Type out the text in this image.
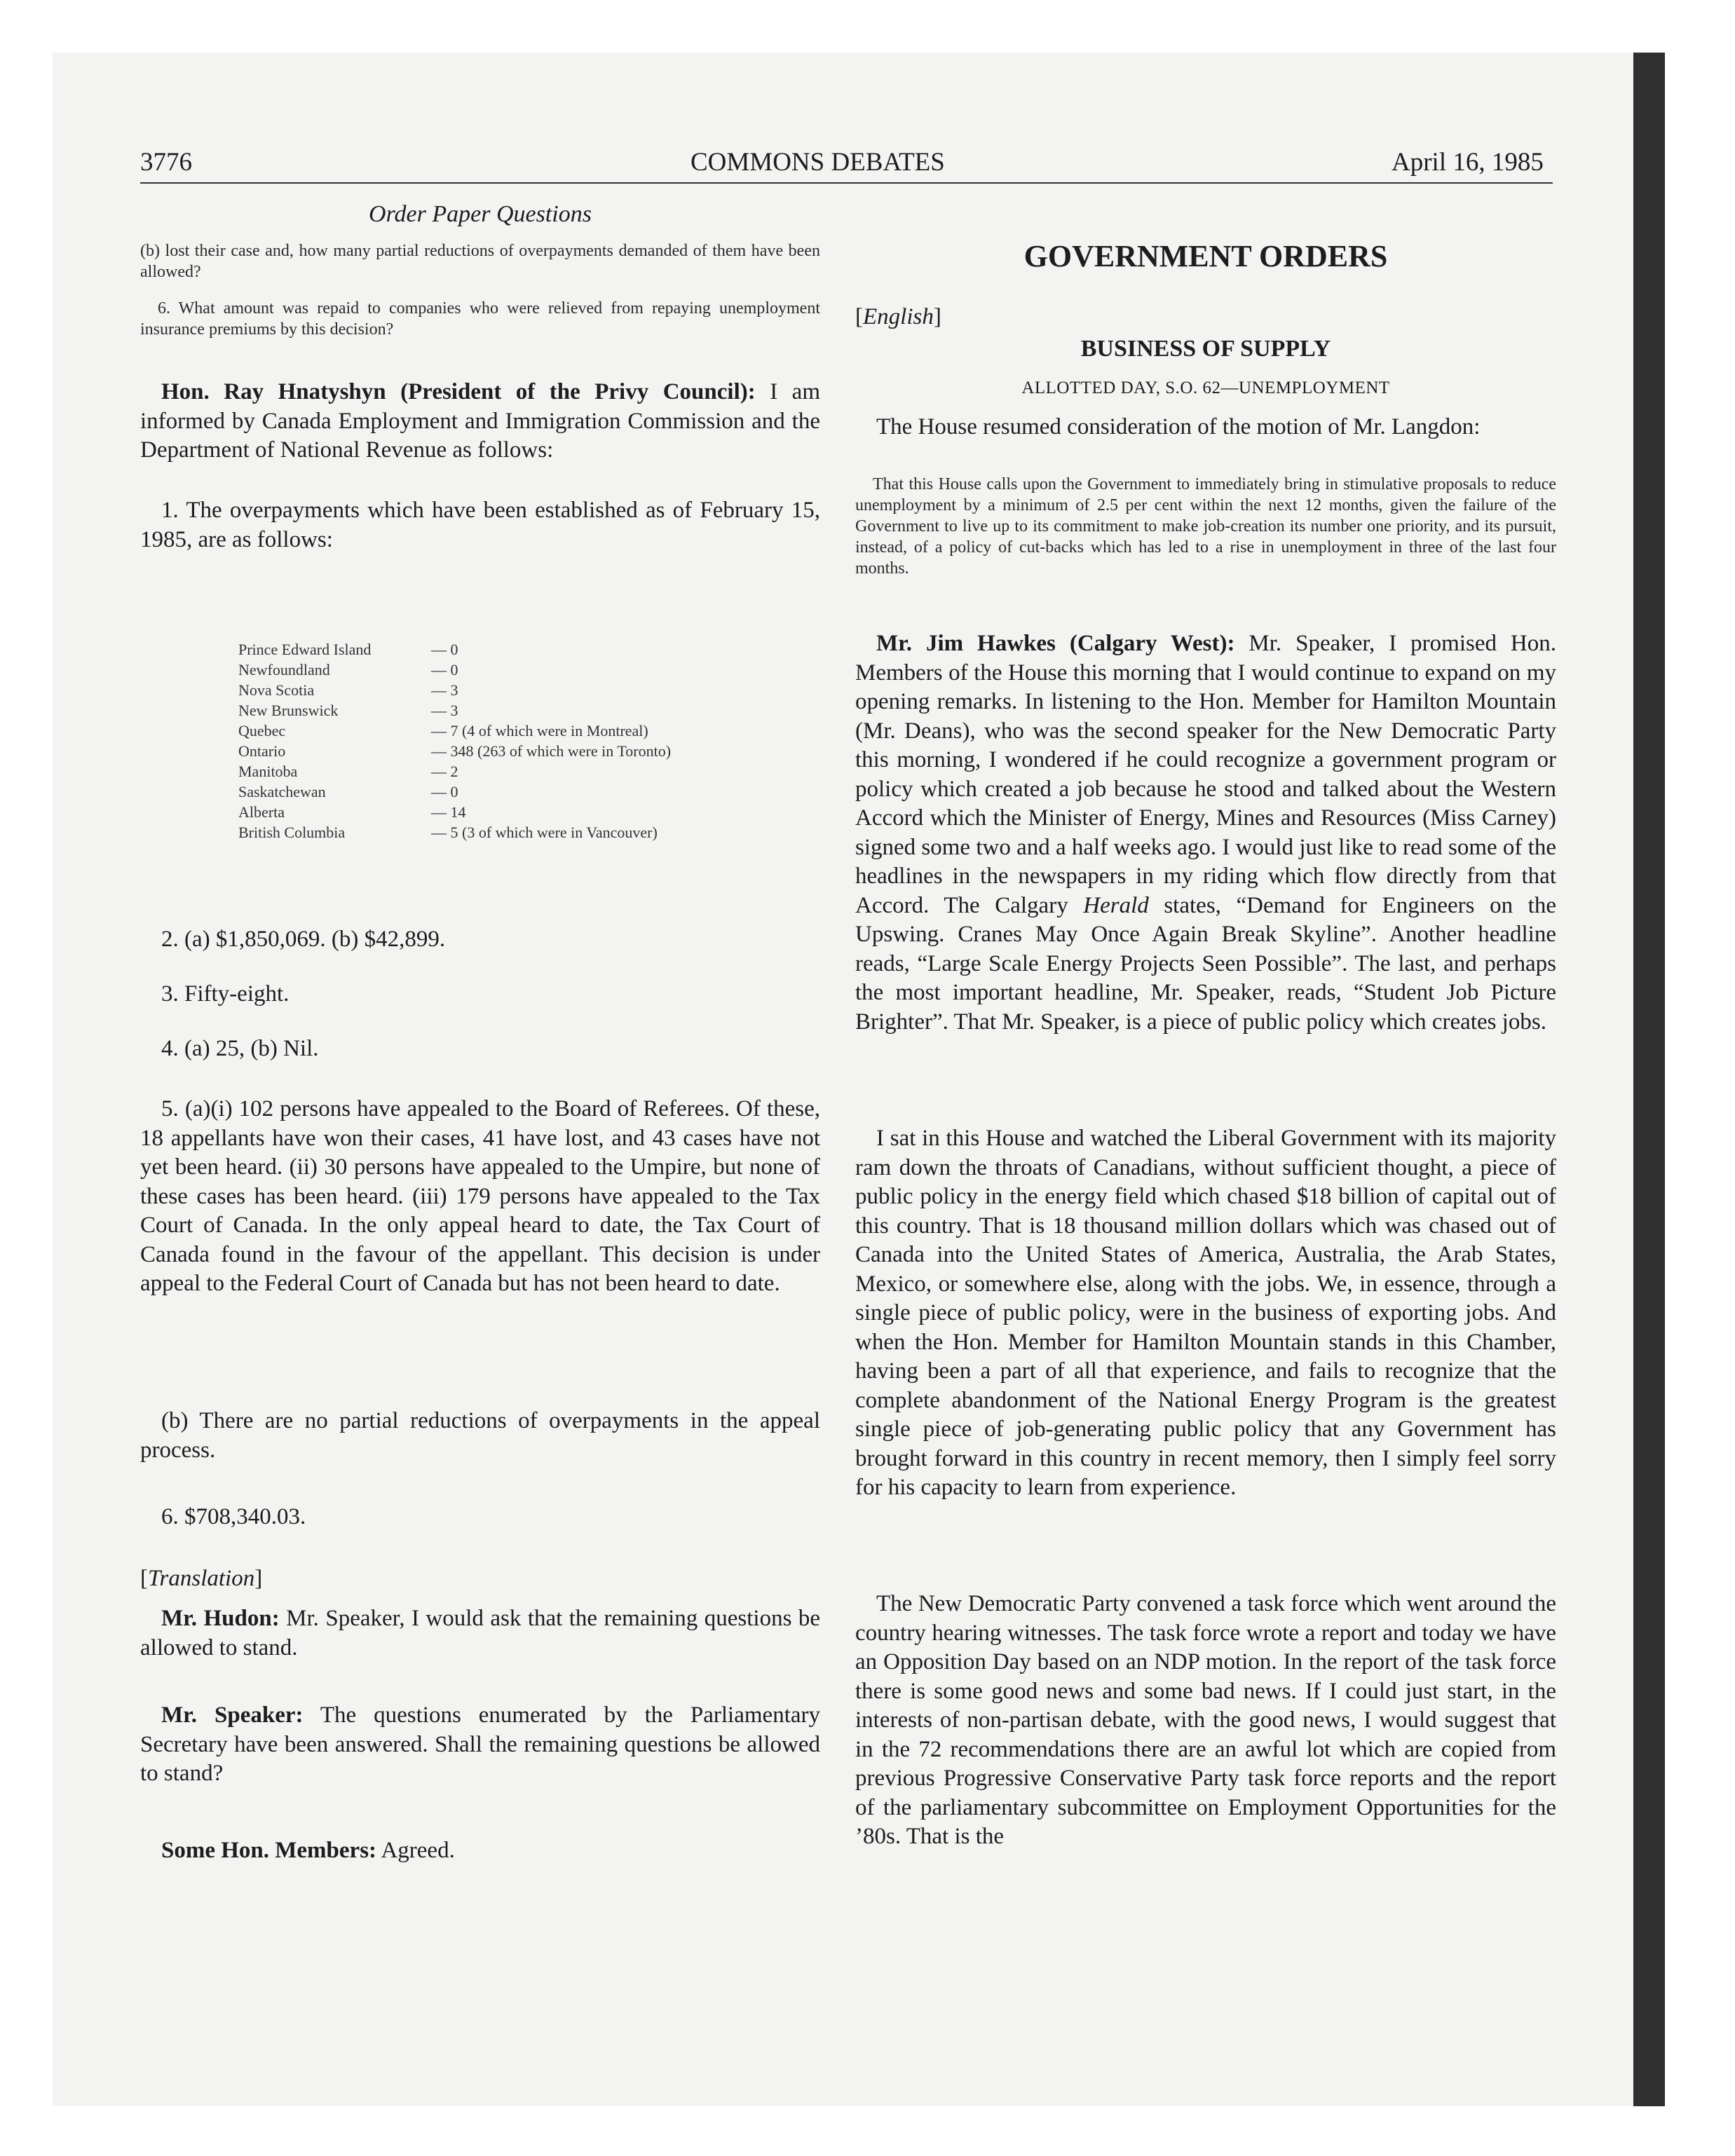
3776	COMMONS DEBATES	April 16, 1985
Order Paper Questions

(b) lost their case and, how many partial reductions of overpayments demanded of them have been allowed?

6. What amount was repaid to companies who were relieved from repaying unemployment insurance premiums by this decision?

Hon. Ray Hnatyshyn (President of the Privy Council): I am informed by Canada Employment and Immigration Commission and the Department of National Revenue as follows:

1. The overpayments which have been established as of February 15, 1985, are as follows:

Prince Edward Island	— 0
Newfoundland	— 0
Nova Scotia	— 3
New Brunswick	— 3
Quebec	— 7 (4 of which were in Montreal)
Ontario	— 348 (263 of which were in Toronto)
Manitoba	— 2
Saskatchewan	— 0
Alberta	— 14
British Columbia	— 5 (3 of which were in Vancouver)

2. (a) $1,850,069. (b) $42,899.

3. Fifty-eight.

4. (a) 25, (b) Nil.

5. (a)(i) 102 persons have appealed to the Board of Referees. Of these, 18 appellants have won their cases, 41 have lost, and 43 cases have not yet been heard. (ii) 30 persons have appealed to the Umpire, but none of these cases has been heard. (iii) 179 persons have appealed to the Tax Court of Canada. In the only appeal heard to date, the Tax Court of Canada found in the favour of the appellant. This decision is under appeal to the Federal Court of Canada but has not been heard to date.

(b) There are no partial reductions of overpayments in the appeal process.

6. $708,340.03.

[Translation]

Mr. Hudon: Mr. Speaker, I would ask that the remaining questions be allowed to stand.

Mr. Speaker: The questions enumerated by the Parliamentary Secretary have been answered. Shall the remaining questions be allowed to stand?

Some Hon. Members: Agreed.

GOVERNMENT ORDERS

[English]

BUSINESS OF SUPPLY
ALLOTTED DAY, S.O. 62—UNEMPLOYMENT

The House resumed consideration of the motion of Mr. Langdon:

That this House calls upon the Government to immediately bring in stimulative proposals to reduce unemployment by a minimum of 2.5 per cent within the next 12 months, given the failure of the Government to live up to its commitment to make job-creation its number one priority, and its pursuit, instead, of a policy of cut-backs which has led to a rise in unemployment in three of the last four months.

Mr. Jim Hawkes (Calgary West): Mr. Speaker, I promised Hon. Members of the House this morning that I would continue to expand on my opening remarks. In listening to the Hon. Member for Hamilton Mountain (Mr. Deans), who was the second speaker for the New Democratic Party this morning, I wondered if he could recognize a government program or policy which created a job because he stood and talked about the Western Accord which the Minister of Energy, Mines and Resources (Miss Carney) signed some two and a half weeks ago. I would just like to read some of the headlines in the newspapers in my riding which flow directly from that Accord. The Calgary Herald states, “Demand for Engineers on the Upswing. Cranes May Once Again Break Skyline”. Another headline reads, “Large Scale Energy Projects Seen Possible”. The last, and perhaps the most important headline, Mr. Speaker, reads, “Student Job Picture Brighter”. That Mr. Speaker, is a piece of public policy which creates jobs.

I sat in this House and watched the Liberal Government with its majority ram down the throats of Canadians, without sufficient thought, a piece of public policy in the energy field which chased $18 billion of capital out of this country. That is 18 thousand million dollars which was chased out of Canada into the United States of America, Australia, the Arab States, Mexico, or somewhere else, along with the jobs. We, in essence, through a single piece of public policy, were in the business of exporting jobs. And when the Hon. Member for Hamilton Mountain stands in this Chamber, having been a part of all that experience, and fails to recognize that the complete abandonment of the National Energy Program is the greatest single piece of job-generating public policy that any Government has brought forward in this country in recent memory, then I simply feel sorry for his capacity to learn from experience.

The New Democratic Party convened a task force which went around the country hearing witnesses. The task force wrote a report and today we have an Opposition Day based on an NDP motion. In the report of the task force there is some good news and some bad news. If I could just start, in the interests of non-partisan debate, with the good news, I would suggest that in the 72 recommendations there are an awful lot which are copied from previous Progressive Conservative Party task force reports and the report of the parliamentary subcommittee on Employment Opportunities for the ’80s. That is the
